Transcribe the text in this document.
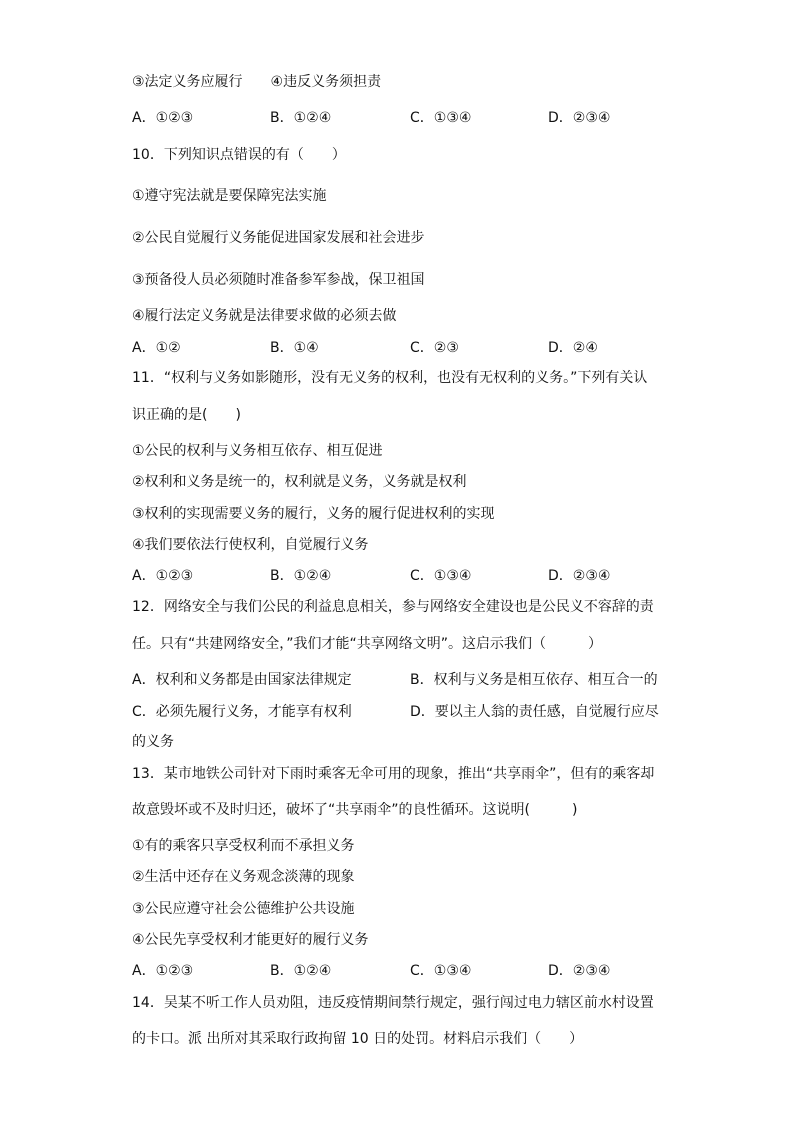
③法定义务应履行　　④违反义务须担责
A．①②③	B．①②④	C．①③④	D．②③④
10．下列知识点错误的有（　　）
①遵守宪法就是要保障宪法实施
②公民自觉履行义务能促进国家发展和社会进步
③预备役人员必须随时准备参军参战，保卫祖国
④履行法定义务就是法律要求做的必须去做
A．①②	B．①④	C．②③	D．②④
11．“权利与义务如影随形，没有无义务的权利，也没有无权利的义务。”下列有关认
识正确的是(　　)
①公民的权利与义务相互依存、相互促进
②权利和义务是统一的，权利就是义务，义务就是权利
③权利的实现需要义务的履行，义务的履行促进权利的实现
④我们要依法行使权利，自觉履行义务
A．①②③	B．①②④	C．①③④	D．②③④
12．网络安全与我们公民的利益息息相关，参与网络安全建设也是公民义不容辞的责
任。只有“共建网络安全，”我们才能“共享网络文明”。这启示我们（　　　）
A．权利和义务都是由国家法律规定	B．权利与义务是相互依存、相互合一的
C．必须先履行义务，才能享有权利	D．要以主人翁的责任感，自觉履行应尽
的义务
13．某市地铁公司针对下雨时乘客无伞可用的现象，推出“共享雨伞”，但有的乘客却
故意毁坏或不及时归还，破坏了“共享雨伞”的良性循环。这说明(　　　)
①有的乘客只享受权利而不承担义务
②生活中还存在义务观念淡薄的现象
③公民应遵守社会公德维护公共设施
④公民先享受权利才能更好的履行义务
A．①②③	B．①②④	C．①③④	D．②③④
14．吴某不听工作人员劝阻，违反疫情期间禁行规定，强行闯过电力辖区前水村设置
的卡口。派 出所对其采取行政拘留 10 日的处罚。材料启示我们（　　）
